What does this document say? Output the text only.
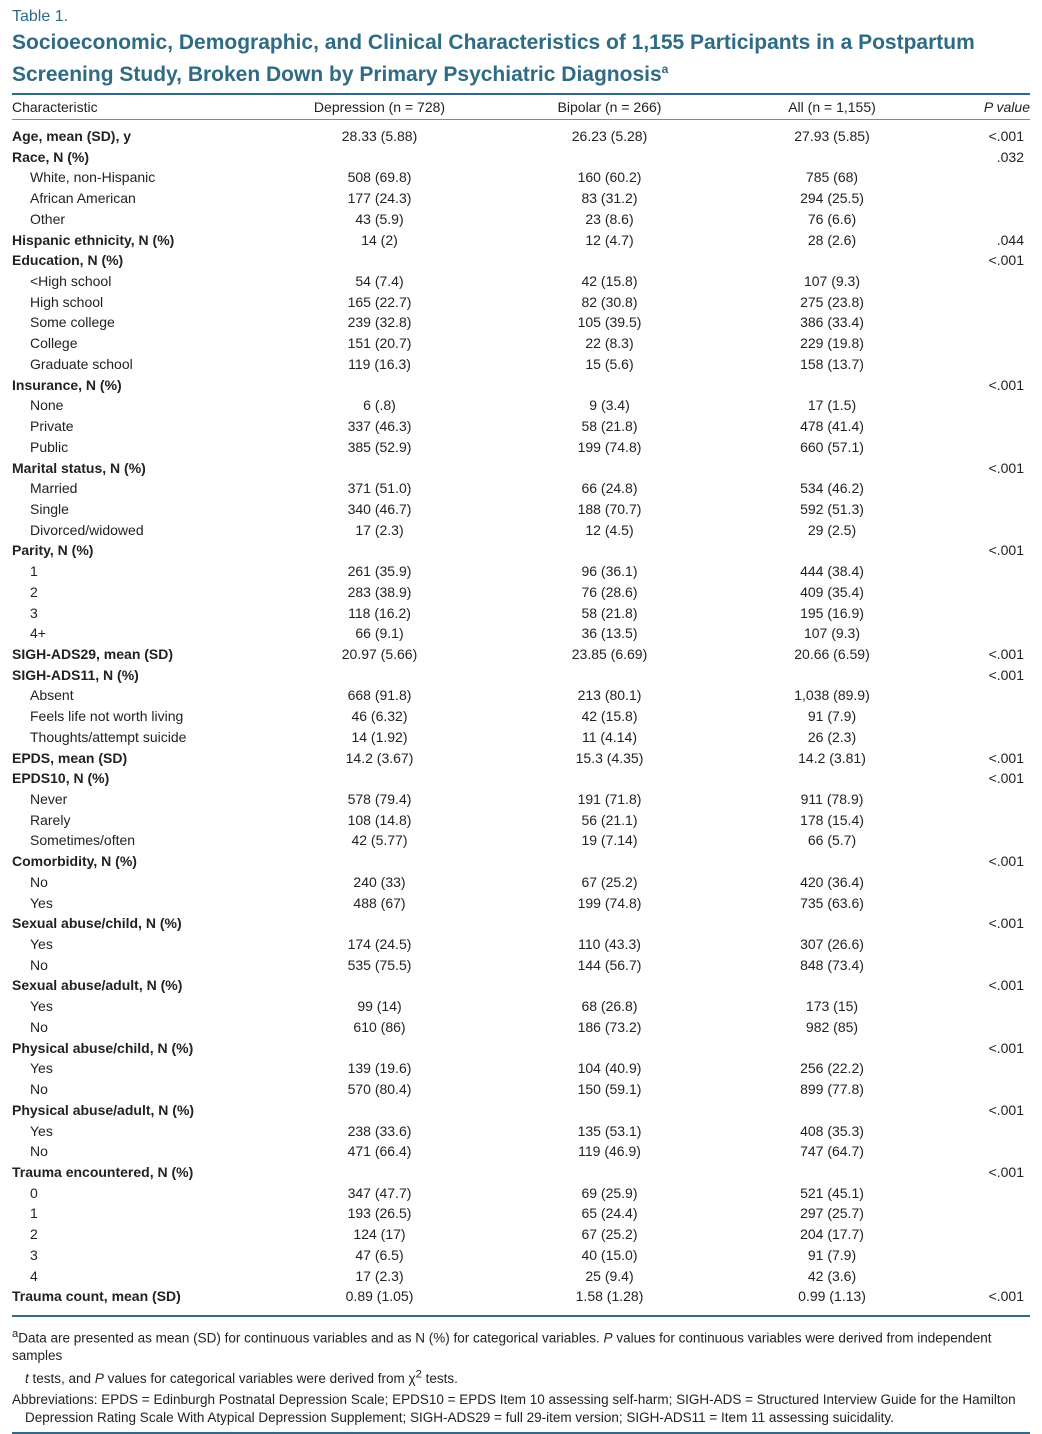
Table 1.
Socioeconomic, Demographic, and Clinical Characteristics of 1,155 Participants in a Postpartum Screening Study, Broken Down by Primary Psychiatric Diagnosis$^a$
Characteristic	Depression (n = 728)	Bipolar (n = 266)	All (n = 1,155)	P value
Age, mean (SD), y	28.33 (5.88)	26.23 (5.28)	27.93 (5.85)	<.001
Race, N (%)				.032
White, non-Hispanic	508 (69.8)	160 (60.2)	785 (68)	
African American	177 (24.3)	83 (31.2)	294 (25.5)	
Other	43 (5.9)	23 (8.6)	76 (6.6)	
Hispanic ethnicity, N (%)	14 (2)	12 (4.7)	28 (2.6)	.044
Education, N (%)				<.001
<High school	54 (7.4)	42 (15.8)	107 (9.3)	
High school	165 (22.7)	82 (30.8)	275 (23.8)	
Some college	239 (32.8)	105 (39.5)	386 (33.4)	
College	151 (20.7)	22 (8.3)	229 (19.8)	
Graduate school	119 (16.3)	15 (5.6)	158 (13.7)	
Insurance, N (%)				<.001
None	6 (.8)	9 (3.4)	17 (1.5)	
Private	337 (46.3)	58 (21.8)	478 (41.4)	
Public	385 (52.9)	199 (74.8)	660 (57.1)	
Marital status, N (%)				<.001
Married	371 (51.0)	66 (24.8)	534 (46.2)	
Single	340 (46.7)	188 (70.7)	592 (51.3)	
Divorced/widowed	17 (2.3)	12 (4.5)	29 (2.5)	
Parity, N (%)				<.001
1	261 (35.9)	96 (36.1)	444 (38.4)	
2	283 (38.9)	76 (28.6)	409 (35.4)	
3	118 (16.2)	58 (21.8)	195 (16.9)	
4+	66 (9.1)	36 (13.5)	107 (9.3)	
SIGH-ADS29, mean (SD)	20.97 (5.66)	23.85 (6.69)	20.66 (6.59)	<.001
SIGH-ADS11, N (%)				<.001
Absent	668 (91.8)	213 (80.1)	1,038 (89.9)	
Feels life not worth living	46 (6.32)	42 (15.8)	91 (7.9)	
Thoughts/attempt suicide	14 (1.92)	11 (4.14)	26 (2.3)	
EPDS, mean (SD)	14.2 (3.67)	15.3 (4.35)	14.2 (3.81)	<.001
EPDS10, N (%)				<.001
Never	578 (79.4)	191 (71.8)	911 (78.9)	
Rarely	108 (14.8)	56 (21.1)	178 (15.4)	
Sometimes/often	42 (5.77)	19 (7.14)	66 (5.7)	
Comorbidity, N (%)				<.001
No	240 (33)	67 (25.2)	420 (36.4)	
Yes	488 (67)	199 (74.8)	735 (63.6)	
Sexual abuse/child, N (%)				<.001
Yes	174 (24.5)	110 (43.3)	307 (26.6)	
No	535 (75.5)	144 (56.7)	848 (73.4)	
Sexual abuse/adult, N (%)				<.001
Yes	99 (14)	68 (26.8)	173 (15)	
No	610 (86)	186 (73.2)	982 (85)	
Physical abuse/child, N (%)				<.001
Yes	139 (19.6)	104 (40.9)	256 (22.2)	
No	570 (80.4)	150 (59.1)	899 (77.8)	
Physical abuse/adult, N (%)				<.001
Yes	238 (33.6)	135 (53.1)	408 (35.3)	
No	471 (66.4)	119 (46.9)	747 (64.7)	
Trauma encountered, N (%)				<.001
0	347 (47.7)	69 (25.9)	521 (45.1)	
1	193 (26.5)	65 (24.4)	297 (25.7)	
2	124 (17)	67 (25.2)	204 (17.7)	
3	47 (6.5)	40 (15.0)	91 (7.9)	
4	17 (2.3)	25 (9.4)	42 (3.6)	
Trauma count, mean (SD)	0.89 (1.05)	1.58 (1.28)	0.99 (1.13)	<.001

$^a$Data are presented as mean (SD) for continuous variables and as N (%) for categorical variables. P values for continuous variables were derived from independent samples
t tests, and P values for categorical variables were derived from $\chi^2$ tests.

Abbreviations: EPDS = Edinburgh Postnatal Depression Scale; EPDS10 = EPDS Item 10 assessing self-harm; SIGH-ADS = Structured Interview Guide for the Hamilton
Depression Rating Scale With Atypical Depression Supplement; SIGH-ADS29 = full 29-item version; SIGH-ADS11 = Item 11 assessing suicidality.
